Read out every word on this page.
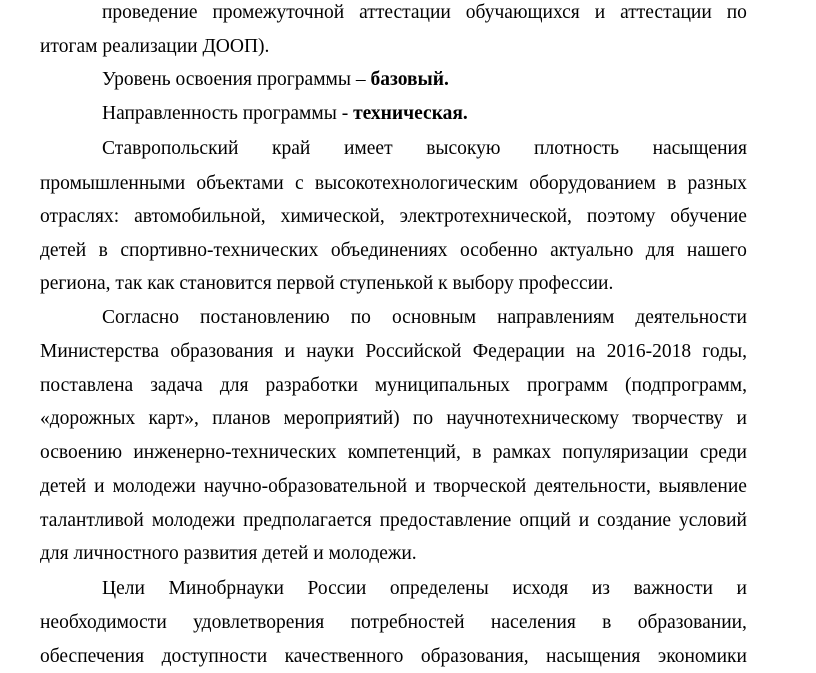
проведение промежуточной аттестации обучающихся и аттестации по
итогам реализации ДООП).
Уровень освоения программы – базовый.
Направленность программы - техническая.
Ставропольский край имеет высокую плотность насыщения
промышленными объектами с высокотехнологическим оборудованием в разных
отраслях: автомобильной, химической, электротехнической, поэтому обучение
детей в спортивно-технических объединениях особенно актуально для нашего
региона, так как становится первой ступенькой к выбору профессии.
Согласно постановлению по основным направлениям деятельности
Министерства образования и науки Российской Федерации на 2016-2018 годы,
поставлена задача для разработки муниципальных программ (подпрограмм,
«дорожных карт», планов мероприятий) по научнотехническому творчеству и
освоению инженерно-технических компетенций, в рамках популяризации среди
детей и молодежи научно-образовательной и творческой деятельности, выявление
талантливой молодежи предполагается предоставление опций и создание условий
для личностного развития детей и молодежи.
Цели Минобрнауки России определены исходя из важности и
необходимости удовлетворения потребностей населения в образовании,
обеспечения доступности качественного образования, насыщения экономики
